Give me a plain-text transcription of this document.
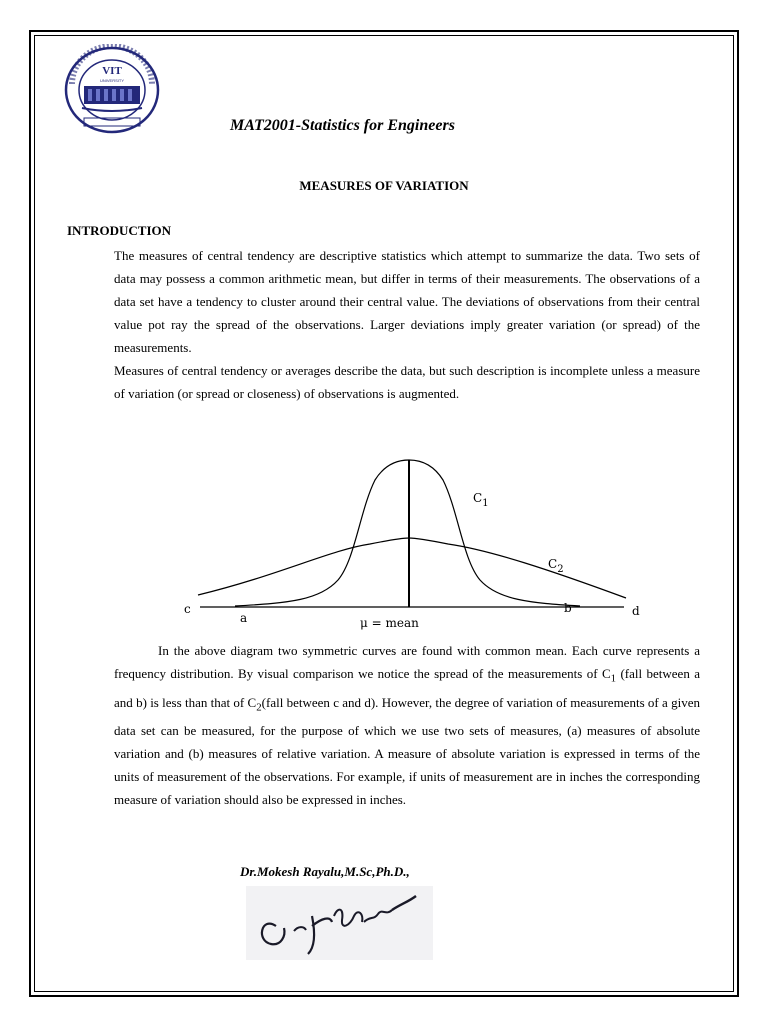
VIT
UNIVERSITY
MAT2001-Statistics for Engineers
MEASURES OF VARIATION
INTRODUCTION

The measures of central tendency are descriptive statistics which attempt to summarize the data. Two sets of data may possess a common arithmetic mean, but differ in terms of their measurements. The observations of a data set have a tendency to cluster around their central value. The deviations of observations from their central value pot ray the spread of the observations. Larger deviations imply greater variation (or spread) of the measurements.

Measures of central tendency or averages describe the data, but such description is incomplete unless a measure of variation (or spread or closeness) of observations is augmented.

c
a	μ = mean
b	d
$C_1$
$C_2$
In the above diagram two symmetric curves are found with common mean. Each curve represents a frequency distribution. By visual comparison we notice the spread of the measurements of $C_1$ (fall between a and b) is less than that of $C_2(fall$ between c and d). However, the degree of variation of measurements of a given data set can be measured, for the purpose of which we use two sets of measures, (a) measures of absolute variation and (b) measures of relative variation. A measure of absolute variation is expressed in terms of the units of measurement of the observations. For example, if units of measurement are in inches the corresponding measure of variation should also be expressed in inches.
Dr.Mokesh Rayalu,M.Sc,Ph.D.,
